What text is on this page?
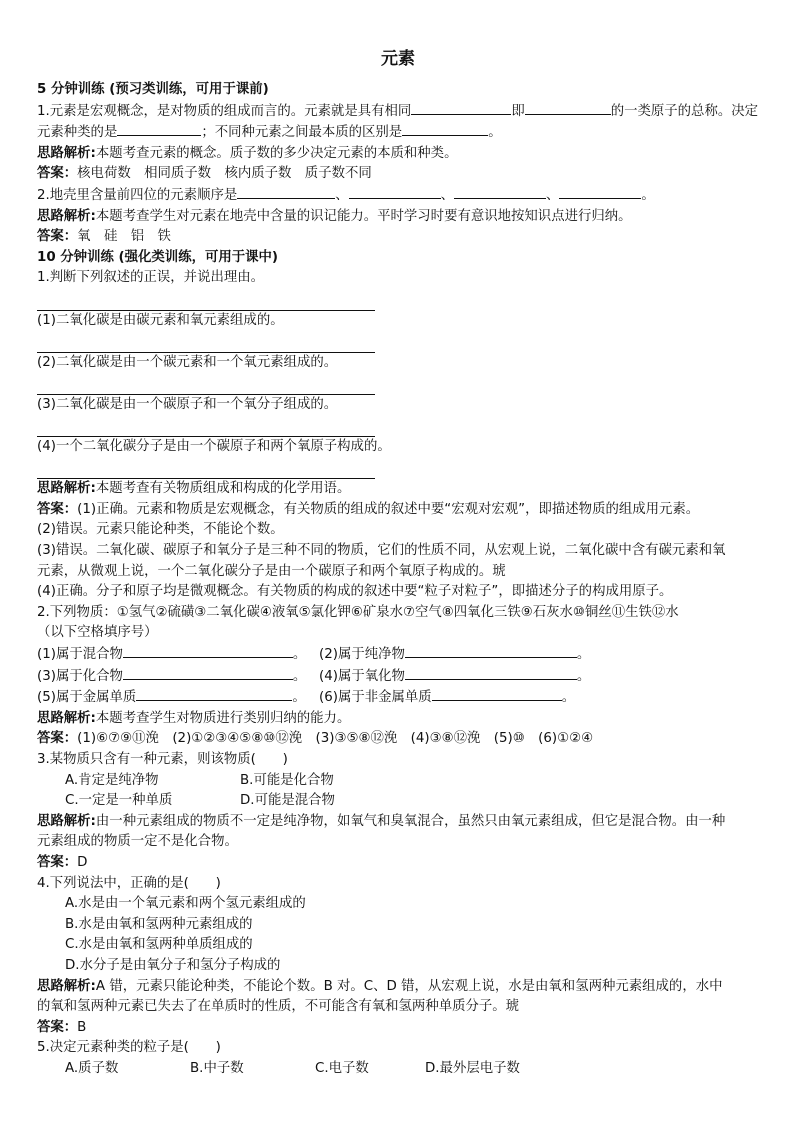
元素
5 分钟训练 (预习类训练，可用于课前)
1.元素是宏观概念，是对物质的组成而言的。元素就是具有相同	即	的一类原子的总称。决定
元素种类的是	；不同种元素之间最本质的区别是	。
思路解析:本题考查元素的概念。质子数的多少决定元素的本质和种类。
答案：核电荷数　相同质子数　核内质子数　质子数不同
2.地壳里含量前四位的元素顺序是	、	、	、	。
思路解析:本题考查学生对元素在地壳中含量的识记能力。平时学习时要有意识地按知识点进行归纳。
答案：氧　硅　铝　铁
10 分钟训练 (强化类训练，可用于课中)
1.判断下列叙述的正误，并说出理由。
(1)二氧化碳是由碳元素和氧元素组成的。
(2)二氧化碳是由一个碳元素和一个氧元素组成的。
(3)二氧化碳是由一个碳原子和一个氧分子组成的。
(4)一个二氧化碳分子是由一个碳原子和两个氧原子构成的。
思路解析:本题考查有关物质组成和构成的化学用语。
答案：(1)正确。元素和物质是宏观概念，有关物质的组成的叙述中要“宏观对宏观”，即描述物质的组成用元素。
(2)错误。元素只能论种类，不能论个数。
(3)错误。二氧化碳、碳原子和氧分子是三种不同的物质，它们的性质不同，从宏观上说，二氧化碳中含有碳元素和氧
元素，从微观上说，一个二氧化碳分子是由一个碳原子和两个氧原子构成的。琥
(4)正确。分子和原子均是微观概念。有关物质的构成的叙述中要“粒子对粒子”，即描述分子的构成用原子。
2.下列物质：①氢气②硫磺③二氧化碳④液氧⑤氯化钾⑥矿泉水⑦空气⑧四氧化三铁⑨石灰水⑩铜丝⑪生铁⑫水
（以下空格填序号）
(1)属于混合物	。 (2)属于纯净物	。
(3)属于化合物	。 (4)属于氧化物	。
(5)属于金属单质	。 (6)属于非金属单质	。
思路解析:本题考查学生对物质进行类别归纳的能力。
答案：(1)⑥⑦⑨⑪浼　(2)①②③④⑤⑧⑩⑫浼　(3)③⑤⑧⑫浼　(4)③⑧⑫浼　(5)⑩　(6)①②④
3.某物质只含有一种元素，则该物质(　　)
A.肯定是纯净物	B.可能是化合物
C.一定是一种单质	D.可能是混合物
思路解析:由一种元素组成的物质不一定是纯净物，如氧气和臭氧混合，虽然只由氧元素组成，但它是混合物。由一种
元素组成的物质一定不是化合物。
答案：D
4.下列说法中，正确的是(　　)
A.水是由一个氧元素和两个氢元素组成的
B.水是由氧和氢两种元素组成的
C.水是由氧和氢两种单质组成的
D.水分子是由氧分子和氢分子构成的
思路解析:A 错，元素只能论种类，不能论个数。B 对。C、D 错，从宏观上说，水是由氧和氢两种元素组成的，水中
的氧和氢两种元素已失去了在单质时的性质，不可能含有氧和氢两种单质分子。琥
答案：B
5.决定元素种类的粒子是(　　)
A.质子数	B.中子数	C.电子数	D.最外层电子数
